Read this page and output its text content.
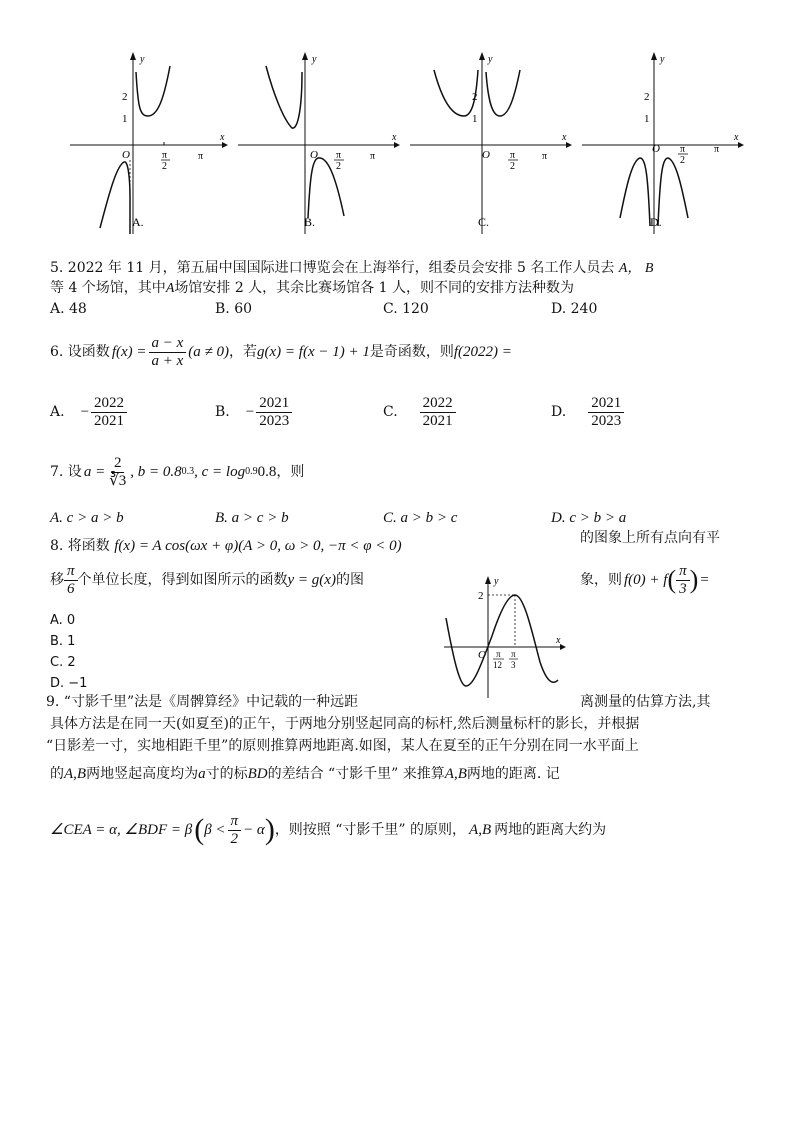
y
x
O
2
1
π
π
2
A.
y
x
O π
2
π
B.
y
x
O
2
1
π
2
π
C.
y
x
O
2
1
π
2
π
D.
5. 2022 年 11 月，第五届中国国际进口博览会在上海举行，组委员会安排 5 名工作人员去 A， B
等 4 个场馆，其中A场馆安排 2 人，其余比赛场馆各 1 人，则不同的安排方法种数为
A. 48	B. 60	C. 120	D. 240
6. 设函数 $f(x) = \frac{a - x}{a + x} (a \ne 0)$ ，若 g(x) = f(x − 1) + 1 是奇函数，则 f(2022) =
A. − $\frac{2022}{2021}$	B. − $\frac{2021}{2023}$	C. $\frac{2022}{2021}$	D. $\frac{2021}{2023}$
7. 设 $a = \frac{2}{∛3}$ , b = 0.8 0.3 , c = log 0.9 0.8 ，则
A. c > a > b	B. a > c > b	C. a > b > c	D. c > b > a
8. 将函数 f(x) = A cos(ωx + φ)(A > 0, ω > 0, −π < φ < 0)	的图象上所有点向有平
移 $\frac{\pi}{6}$ 个单位长度，得到如图所示的函数 y = g(x) 的图	象，则 f(0) + f ( $\frac{\pi}{3}$ ) =
A. 0
B. 1
C. 2
D. −1
y
x
O
2
π
12
π
3
9. “寸影千里”法是《周髀算经》中记载的一种远距	离测量的估算方法,其
具体方法是在同一天(如夏至)的正午，于两地分别竖起同高的标杆,然后测量标杆的影长，并根据
“日影差一寸，实地相距千里”的原则推算两地距离.如图，某人在夏至的正午分别在同一水平面上
的A,B两地竖起高度均为a寸的标BD的差结合 “寸影千里” 来推算A,B两地的距离. 记
∠CEA = α, ∠BDF = β ( $\beta < \frac{\pi}{2} - \alpha$ ) ，则按照 “寸影千里” 的原则， A,B 两地的距离大约为
